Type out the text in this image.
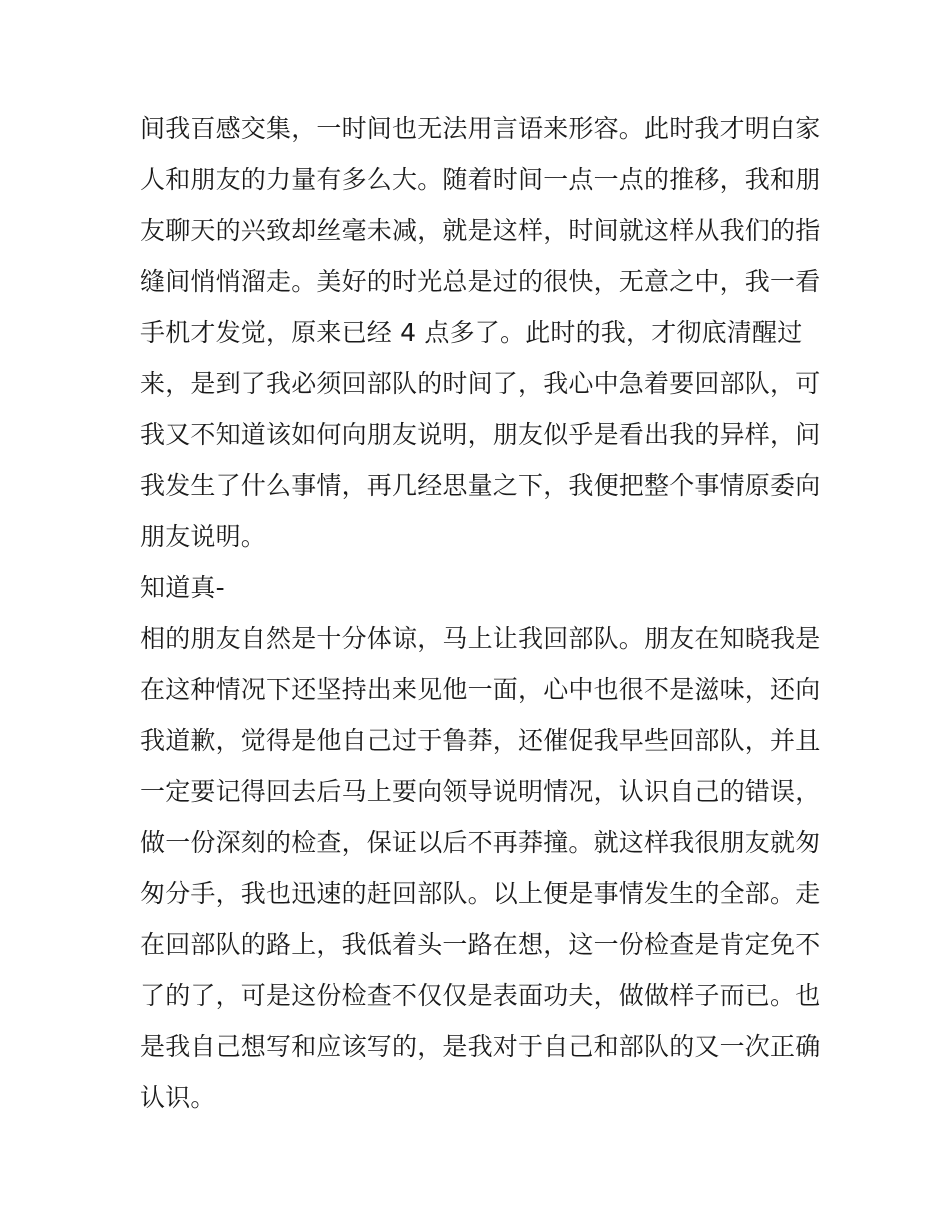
间我百感交集，一时间也无法用言语来形容。此时我才明白家
人和朋友的力量有多么大。随着时间一点一点的推移，我和朋
友聊天的兴致却丝毫未减，就是这样，时间就这样从我们的指
缝间悄悄溜走。美好的时光总是过的很快，无意之中，我一看
手机才发觉，原来已经 4 点多了。此时的我，才彻底清醒过
来，是到了我必须回部队的时间了，我心中急着要回部队，可
我又不知道该如何向朋友说明，朋友似乎是看出我的异样，问
我发生了什么事情，再几经思量之下，我便把整个事情原委向
朋友说明。
知道真-
相的朋友自然是十分体谅，马上让我回部队。朋友在知晓我是
在这种情况下还坚持出来见他一面，心中也很不是滋味，还向
我道歉，觉得是他自己过于鲁莽，还催促我早些回部队，并且
一定要记得回去后马上要向领导说明情况，认识自己的错误，
做一份深刻的检查，保证以后不再莽撞。就这样我很朋友就匆
匆分手，我也迅速的赶回部队。以上便是事情发生的全部。走
在回部队的路上，我低着头一路在想，这一份检查是肯定免不
了的了，可是这份检查不仅仅是表面功夫，做做样子而已。也
是我自己想写和应该写的，是我对于自己和部队的又一次正确
认识。
